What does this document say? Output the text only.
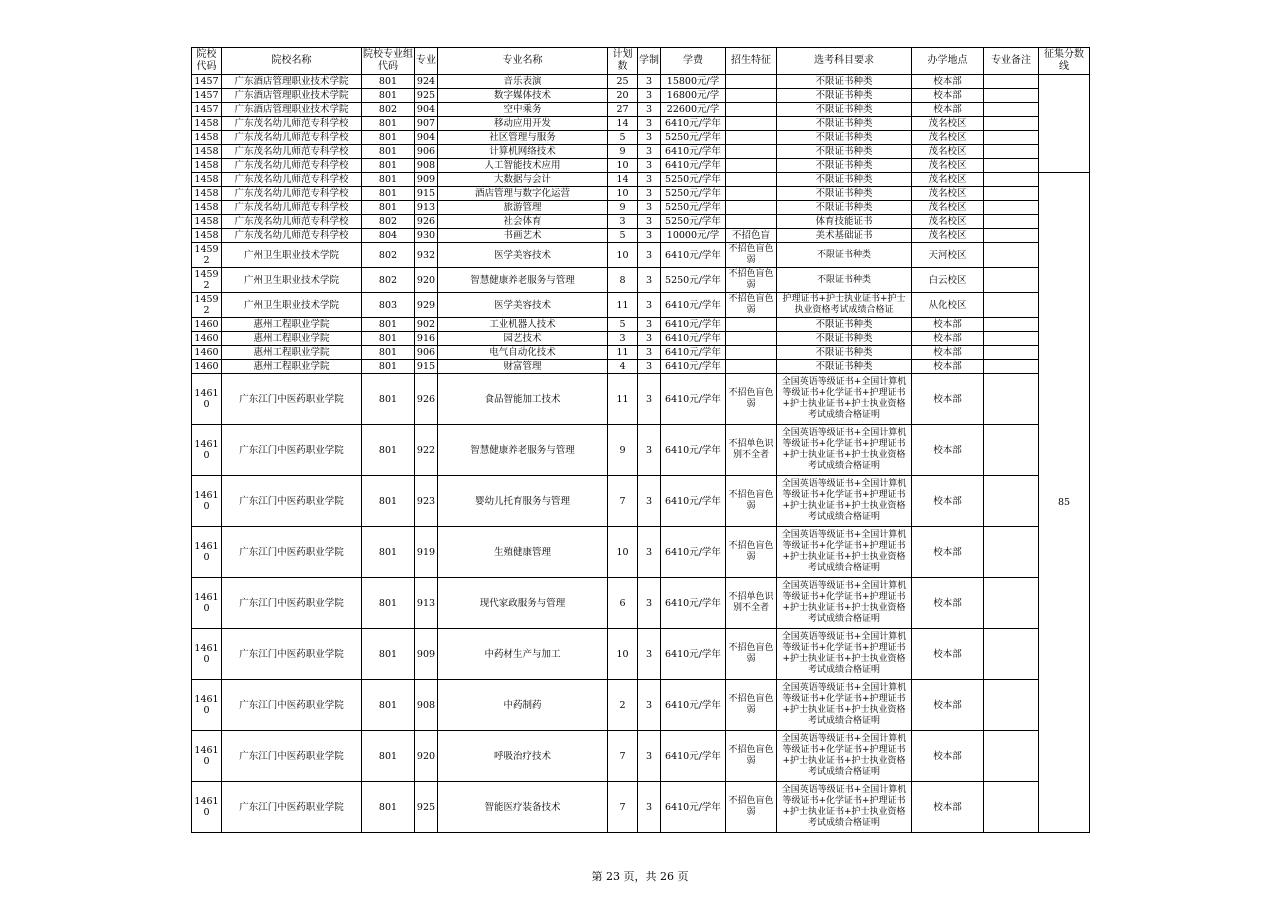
院校代码	院校名称	院校专业组代码	专业	专业名称	计划数	学制	学费	招生特征	选考科目要求	办学地点	专业备注	征集分数线
1457	广东酒店管理职业技术学院	801	924	音乐表演	25	3	15800元/学		不限证书种类	校本部		
1457	广东酒店管理职业技术学院	801	925	数字媒体技术	20	3	16800元/学		不限证书种类	校本部		
1457	广东酒店管理职业技术学院	802	904	空中乘务	27	3	22600元/学		不限证书种类	校本部		
1458	广东茂名幼儿师范专科学校	801	907	移动应用开发	14	3	6410元/学年		不限证书种类	茂名校区		
1458	广东茂名幼儿师范专科学校	801	904	社区管理与服务	5	3	5250元/学年		不限证书种类	茂名校区		
1458	广东茂名幼儿师范专科学校	801	906	计算机网络技术	9	3	6410元/学年		不限证书种类	茂名校区		
1458	广东茂名幼儿师范专科学校	801	908	人工智能技术应用	10	3	6410元/学年		不限证书种类	茂名校区		
1458	广东茂名幼儿师范专科学校	801	909	大数据与会计	14	3	5250元/学年		不限证书种类	茂名校区		85
1458	广东茂名幼儿师范专科学校	801	915	酒店管理与数字化运营	10	3	5250元/学年		不限证书种类	茂名校区		
1458	广东茂名幼儿师范专科学校	801	913	旅游管理	9	3	5250元/学年		不限证书种类	茂名校区		
1458	广东茂名幼儿师范专科学校	802	926	社会体育	3	3	5250元/学年		体育技能证书	茂名校区		
1458	广东茂名幼儿师范专科学校	804	930	书画艺术	5	3	10000元/学	不招色盲	美术基础证书	茂名校区		
14592	广州卫生职业技术学院	802	932	医学美容技术	10	3	6410元/学年	不招色盲色弱	不限证书种类	天河校区		
14592	广州卫生职业技术学院	802	920	智慧健康养老服务与管理	8	3	5250元/学年	不招色盲色弱	不限证书种类	白云校区		
14592	广州卫生职业技术学院	803	929	医学美容技术	11	3	6410元/学年	不招色盲色弱	护理证书+护士执业证书+护士执业资格考试成绩合格证	从化校区		
1460	惠州工程职业学院	801	902	工业机器人技术	5	3	6410元/学年		不限证书种类	校本部		
1460	惠州工程职业学院	801	916	园艺技术	3	3	6410元/学年		不限证书种类	校本部		
1460	惠州工程职业学院	801	906	电气自动化技术	11	3	6410元/学年		不限证书种类	校本部		
1460	惠州工程职业学院	801	915	财富管理	4	3	6410元/学年		不限证书种类	校本部		
14610	广东江门中医药职业学院	801	926	食品智能加工技术	11	3	6410元/学年	不招色盲色弱	全国英语等级证书+全国计算机等级证书+化学证书+护理证书+护士执业证书+护士执业资格考试成绩合格证明	校本部		
14610	广东江门中医药职业学院	801	922	智慧健康养老服务与管理	9	3	6410元/学年	不招单色识别不全者	全国英语等级证书+全国计算机等级证书+化学证书+护理证书+护士执业证书+护士执业资格考试成绩合格证明	校本部		
14610	广东江门中医药职业学院	801	923	婴幼儿托育服务与管理	7	3	6410元/学年	不招色盲色弱	全国英语等级证书+全国计算机等级证书+化学证书+护理证书+护士执业证书+护士执业资格考试成绩合格证明	校本部		
14610	广东江门中医药职业学院	801	919	生殖健康管理	10	3	6410元/学年	不招色盲色弱	全国英语等级证书+全国计算机等级证书+化学证书+护理证书+护士执业证书+护士执业资格考试成绩合格证明	校本部		
14610	广东江门中医药职业学院	801	913	现代家政服务与管理	6	3	6410元/学年	不招单色识别不全者	全国英语等级证书+全国计算机等级证书+化学证书+护理证书+护士执业证书+护士执业资格考试成绩合格证明	校本部		
14610	广东江门中医药职业学院	801	909	中药材生产与加工	10	3	6410元/学年	不招色盲色弱	全国英语等级证书+全国计算机等级证书+化学证书+护理证书+护士执业证书+护士执业资格考试成绩合格证明	校本部		
14610	广东江门中医药职业学院	801	908	中药制药	2	3	6410元/学年	不招色盲色弱	全国英语等级证书+全国计算机等级证书+化学证书+护理证书+护士执业证书+护士执业资格考试成绩合格证明	校本部		
14610	广东江门中医药职业学院	801	920	呼吸治疗技术	7	3	6410元/学年	不招色盲色弱	全国英语等级证书+全国计算机等级证书+化学证书+护理证书+护士执业证书+护士执业资格考试成绩合格证明	校本部		
14610	广东江门中医药职业学院	801	925	智能医疗装备技术	7	3	6410元/学年	不招色盲色弱	全国英语等级证书+全国计算机等级证书+化学证书+护理证书+护士执业证书+护士执业资格考试成绩合格证明	校本部		
第 23 页，共 26 页
